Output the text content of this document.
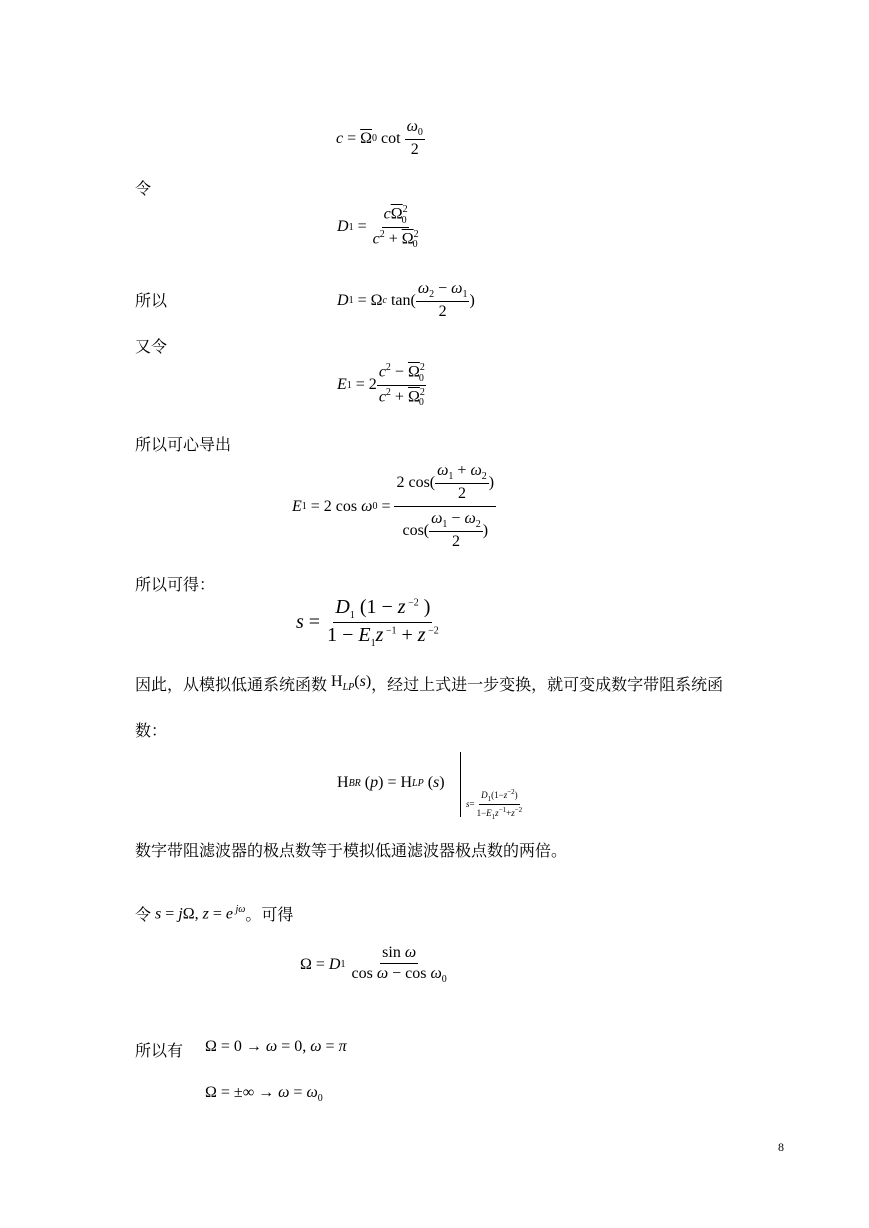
$c = \overline{\Omega}$ 0 $\cot \frac{\omega_0}{2}$
令
D $1 = \frac{c\overline{\Omega}^2_0}{c^2 + \overline{\Omega}^2_0}$
所以	D 1 = Ω c $\tan( \frac{\omega_2 - \omega_1}{2}$ )
又令
E $1 = 2 \frac{c^2 - \overline{\Omega}^2_0}{c^2 + \overline{\Omega}^2_0}$
所以可心导出
E 1 = 2 cos ω $0 = \frac{2 \cos( \frac{\omega_1 + \omega_2}{2} )}{\cos( \frac{\omega_1 - \omega_2}{2} )}$
所以可得：
$s = \frac{D_1 (1 - z ^{-2} )}{1 - E_1z ^{-1} + z ^{-2}}$
因此，从模拟低通系统函数 $H_{LP}(s)$ ，经过上式进一步变换，就可变成数字带阻系统函
数：
H BR ( p ) = H LP ( s )
$s = \frac{D_1(1-z^{-2})}{1-E_1z^{-1}+z^{-2}}$
数字带阻滤波器的极点数等于模拟低通滤波器极点数的两倍。
令 s = jΩ, z = e $^{j\omega}$ 。可得
Ω = D 1
$\frac{\text{sin ω}}{\cos \omega - \cos \omega_0}$
所以有 Ω = 0 → ω = 0, ω = π
Ω = ±∞ → $\omega = \omega_0$
8
